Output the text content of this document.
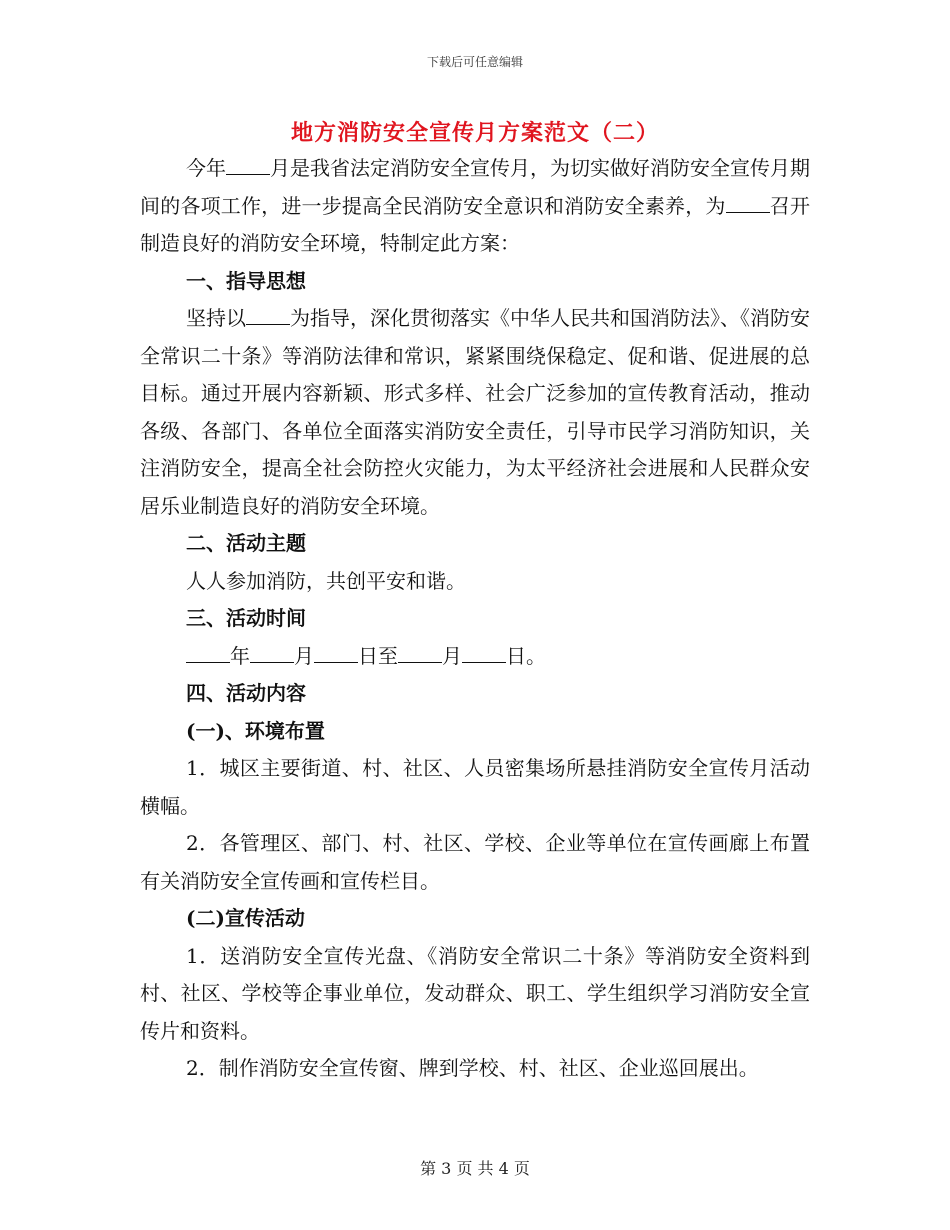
下载后可任意编辑
地方消防安全宣传月方案范文（二）

今年 月是我省法定消防安全宣传月，为切实做好消防安全宣传月期间的各项工作，进一步提高全民消防安全意识和消防安全素养，为 召开制造良好的消防安全环境，特制定此方案：

一、指导思想

坚持以 为指导，深化贯彻落实《中华人民共和国消防法》、《消防安全常识二十条》等消防法律和常识，紧紧围绕保稳定、促和谐、促进展的总目标。通过开展内容新颖、形式多样、社会广泛参加的宣传教育活动，推动各级、各部门、各单位全面落实消防安全责任，引导市民学习消防知识，关注消防安全，提高全社会防控火灾能力，为太平经济社会进展和人民群众安居乐业制造良好的消防安全环境。

二、活动主题

人人参加消防，共创平安和谐。

三、活动时间

年 月 日至 月 日。

四、活动内容

(一)、环境布置

1．城区主要街道、村、社区、人员密集场所悬挂消防安全宣传月活动横幅。

2．各管理区、部门、村、社区、学校、企业等单位在宣传画廊上布置有关消防安全宣传画和宣传栏目。

(二)宣传活动

1．送消防安全宣传光盘、《消防安全常识二十条》等消防安全资料到村、社区、学校等企事业单位，发动群众、职工、学生组织学习消防安全宣传片和资料。

2．制作消防安全宣传窗、牌到学校、村、社区、企业巡回展出。

第 3 页 共 4 页
